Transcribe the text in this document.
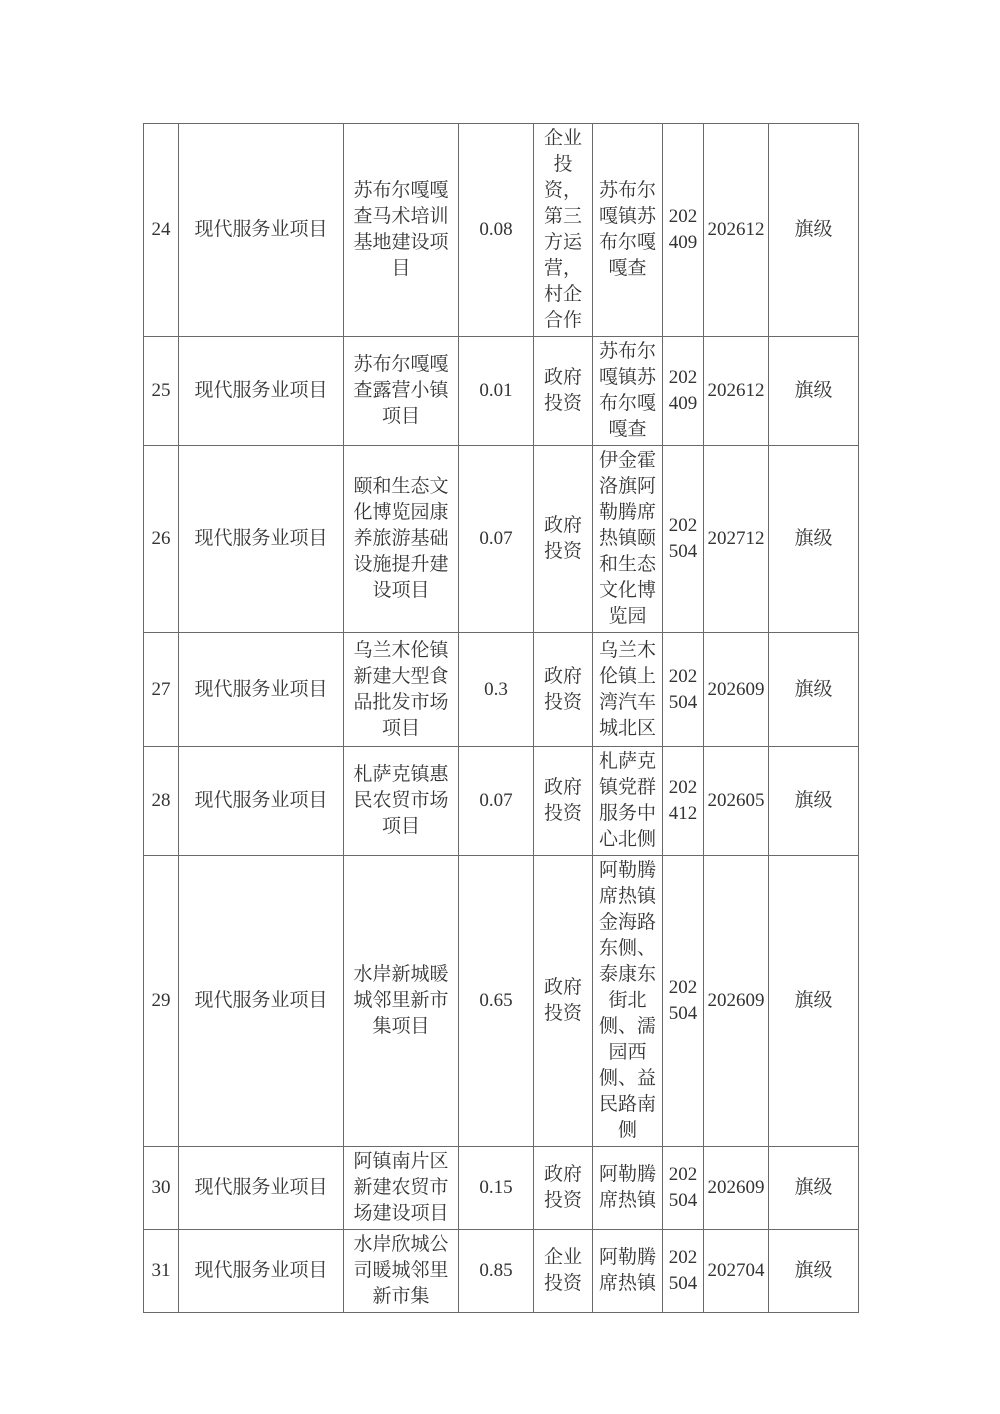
24	现代服务业项目	苏布尔嘎嘎查马术培训基地建设项目	0.08	企业投资，第三方运营，村企合作	苏布尔嘎镇苏布尔嘎嘎查	202409	202612	旗级
25	现代服务业项目	苏布尔嘎嘎查露营小镇项目	0.01	政府投资	苏布尔嘎镇苏布尔嘎嘎查	202409	202612	旗级
26	现代服务业项目	颐和生态文化博览园康养旅游基础设施提升建设项目	0.07	政府投资	伊金霍洛旗阿勒腾席热镇颐和生态文化博览园	202504	202712	旗级
27	现代服务业项目	乌兰木伦镇新建大型食品批发市场项目	0.3	政府投资	乌兰木伦镇上湾汽车城北区	202504	202609	旗级
28	现代服务业项目	札萨克镇惠民农贸市场项目	0.07	政府投资	札萨克镇党群服务中心北侧	202412	202605	旗级
29	现代服务业项目	水岸新城暖城邻里新市集项目	0.65	政府投资	阿勒腾席热镇金海路东侧、泰康东街北侧、濡园西侧、益民路南侧	202504	202609	旗级
30	现代服务业项目	阿镇南片区新建农贸市场建设项目	0.15	政府投资	阿勒腾席热镇	202504	202609	旗级
31	现代服务业项目	水岸欣城公司暖城邻里新市集	0.85	企业投资	阿勒腾席热镇	202504	202704	旗级
